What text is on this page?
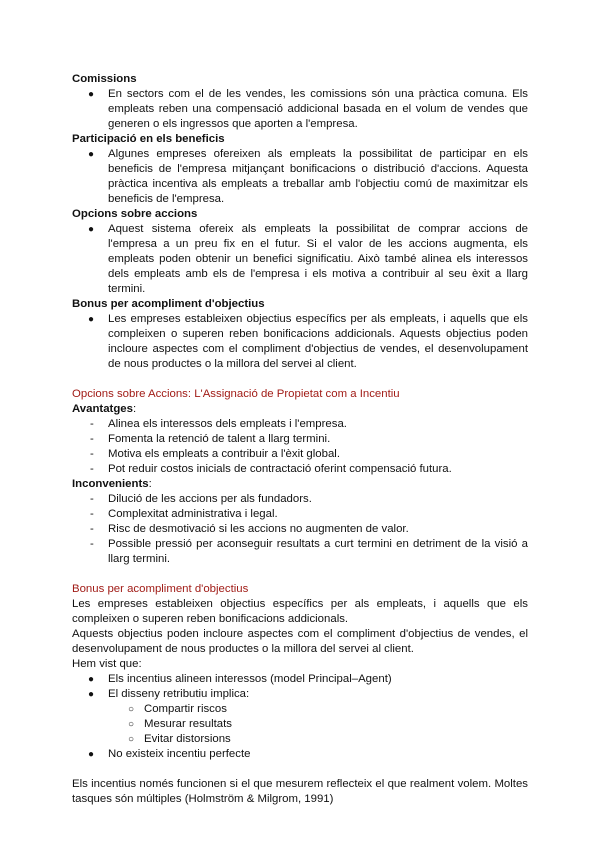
Comissions
● En sectors com el de les vendes, les comissions són una pràctica comuna. Els empleats reben una compensació addicional basada en el volum de vendes que generen o els ingressos que aporten a l'empresa.
Participació en els beneficis
● Algunes empreses ofereixen als empleats la possibilitat de participar en els beneficis de l'empresa mitjançant bonificacions o distribució d'accions. Aquesta pràctica incentiva als empleats a treballar amb l'objectiu comú de maximitzar els beneficis de l'empresa.
Opcions sobre accions
● Aquest sistema ofereix als empleats la possibilitat de comprar accions de l'empresa a un preu fix en el futur. Si el valor de les accions augmenta, els empleats poden obtenir un benefici significatiu. Això també alinea els interessos dels empleats amb els de l'empresa i els motiva a contribuir al seu èxit a llarg termini.
Bonus per acompliment d'objectius
● Les empreses estableixen objectius específics per als empleats, i aquells que els compleixen o superen reben bonificacions addicionals. Aquests objectius poden incloure aspectes com el compliment d'objectius de vendes, el desenvolupament de nous productes o la millora del servei al client.
Opcions sobre Accions: L'Assignació de Propietat com a Incentiu
Avantatges:
- Alinea els interessos dels empleats i l'empresa.
- Fomenta la retenció de talent a llarg termini.
- Motiva els empleats a contribuir a l'èxit global.
- Pot reduir costos inicials de contractació oferint compensació futura.
Inconvenients:
- Dilució de les accions per als fundadors.
- Complexitat administrativa i legal.
- Risc de desmotivació si les accions no augmenten de valor.
- Possible pressió per aconseguir resultats a curt termini en detriment de la visió a llarg termini.
Bonus per acompliment d'objectius

Les empreses estableixen objectius específics per als empleats, i aquells que els compleixen o superen reben bonificacions addicionals.

Aquests objectius poden incloure aspectes com el compliment d'objectius de vendes, el desenvolupament de nous productes o la millora del servei al client.

Hem vist que:

● Els incentius alineen interessos (model Principal–Agent)
● El disseny retributiu implica:
○ Compartir riscos
○ Mesurar resultats
○ Evitar distorsions
● No existeix incentiu perfecte

Els incentius només funcionen si el que mesurem reflecteix el que realment volem. Moltes tasques són múltiples (Holmström & Milgrom, 1991)
